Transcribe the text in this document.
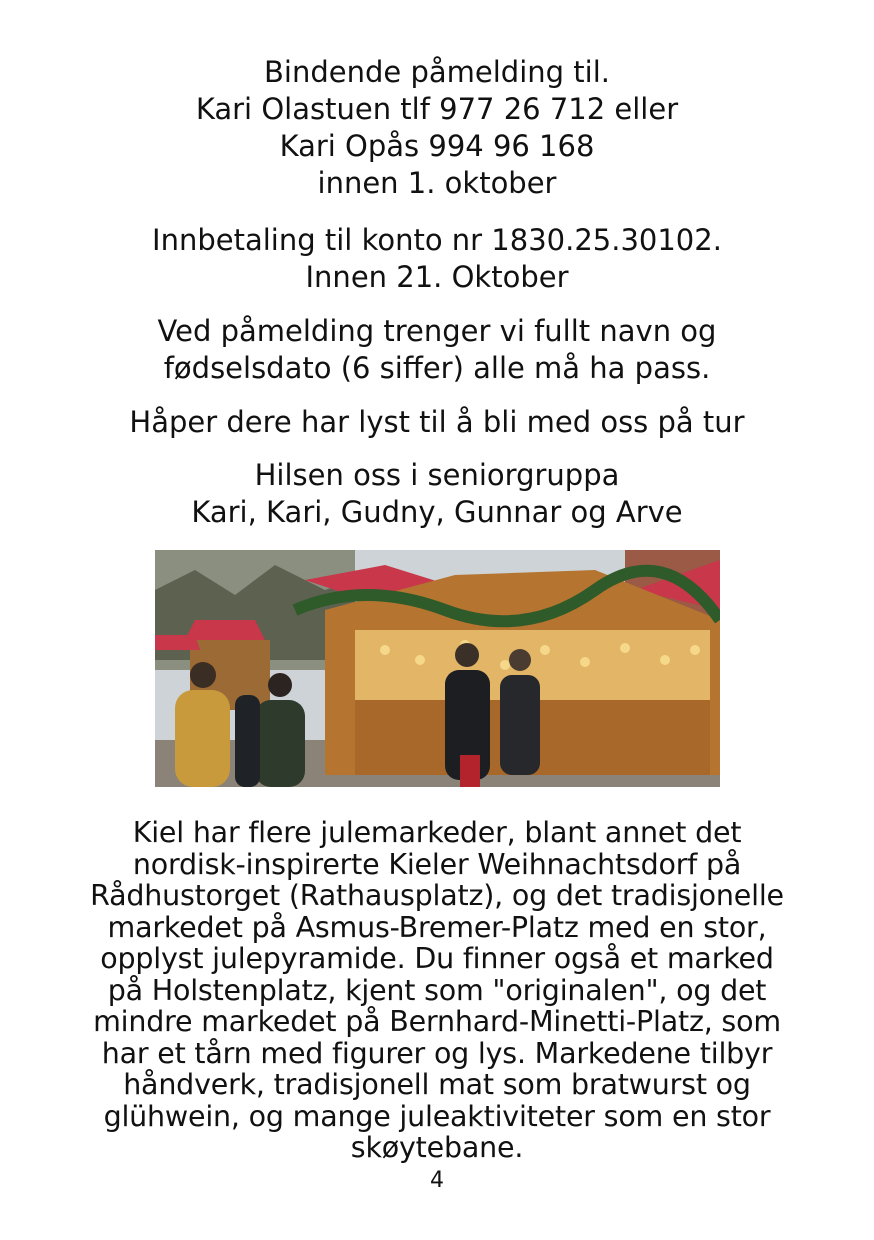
Bindende påmelding til.
Kari Olastuen tlf 977 26 712 eller
Kari Opås 994 96 168
innen 1. oktober
Innbetaling til konto nr 1830.25.30102.
Innen 21. Oktober
Ved påmelding trenger vi fullt navn og
fødselsdato (6 siffer) alle må ha pass.
Håper dere har lyst til å bli med oss på tur
Hilsen oss i seniorgruppa
Kari, Kari, Gudny, Gunnar og Arve
Kiel har flere julemarkeder, blant annet det
nordisk-inspirerte Kieler Weihnachtsdorf på
Rådhustorget (Rathausplatz), og det tradisjonelle
markedet på Asmus-Bremer-Platz med en stor,
opplyst julepyramide. Du finner også et marked
på Holstenplatz, kjent som "originalen", og det
mindre markedet på Bernhard-Minetti-Platz, som
har et tårn med figurer og lys. Markedene tilbyr
håndverk, tradisjonell mat som bratwurst og
glühwein, og mange juleaktiviteter som en stor
skøytebane.
4
